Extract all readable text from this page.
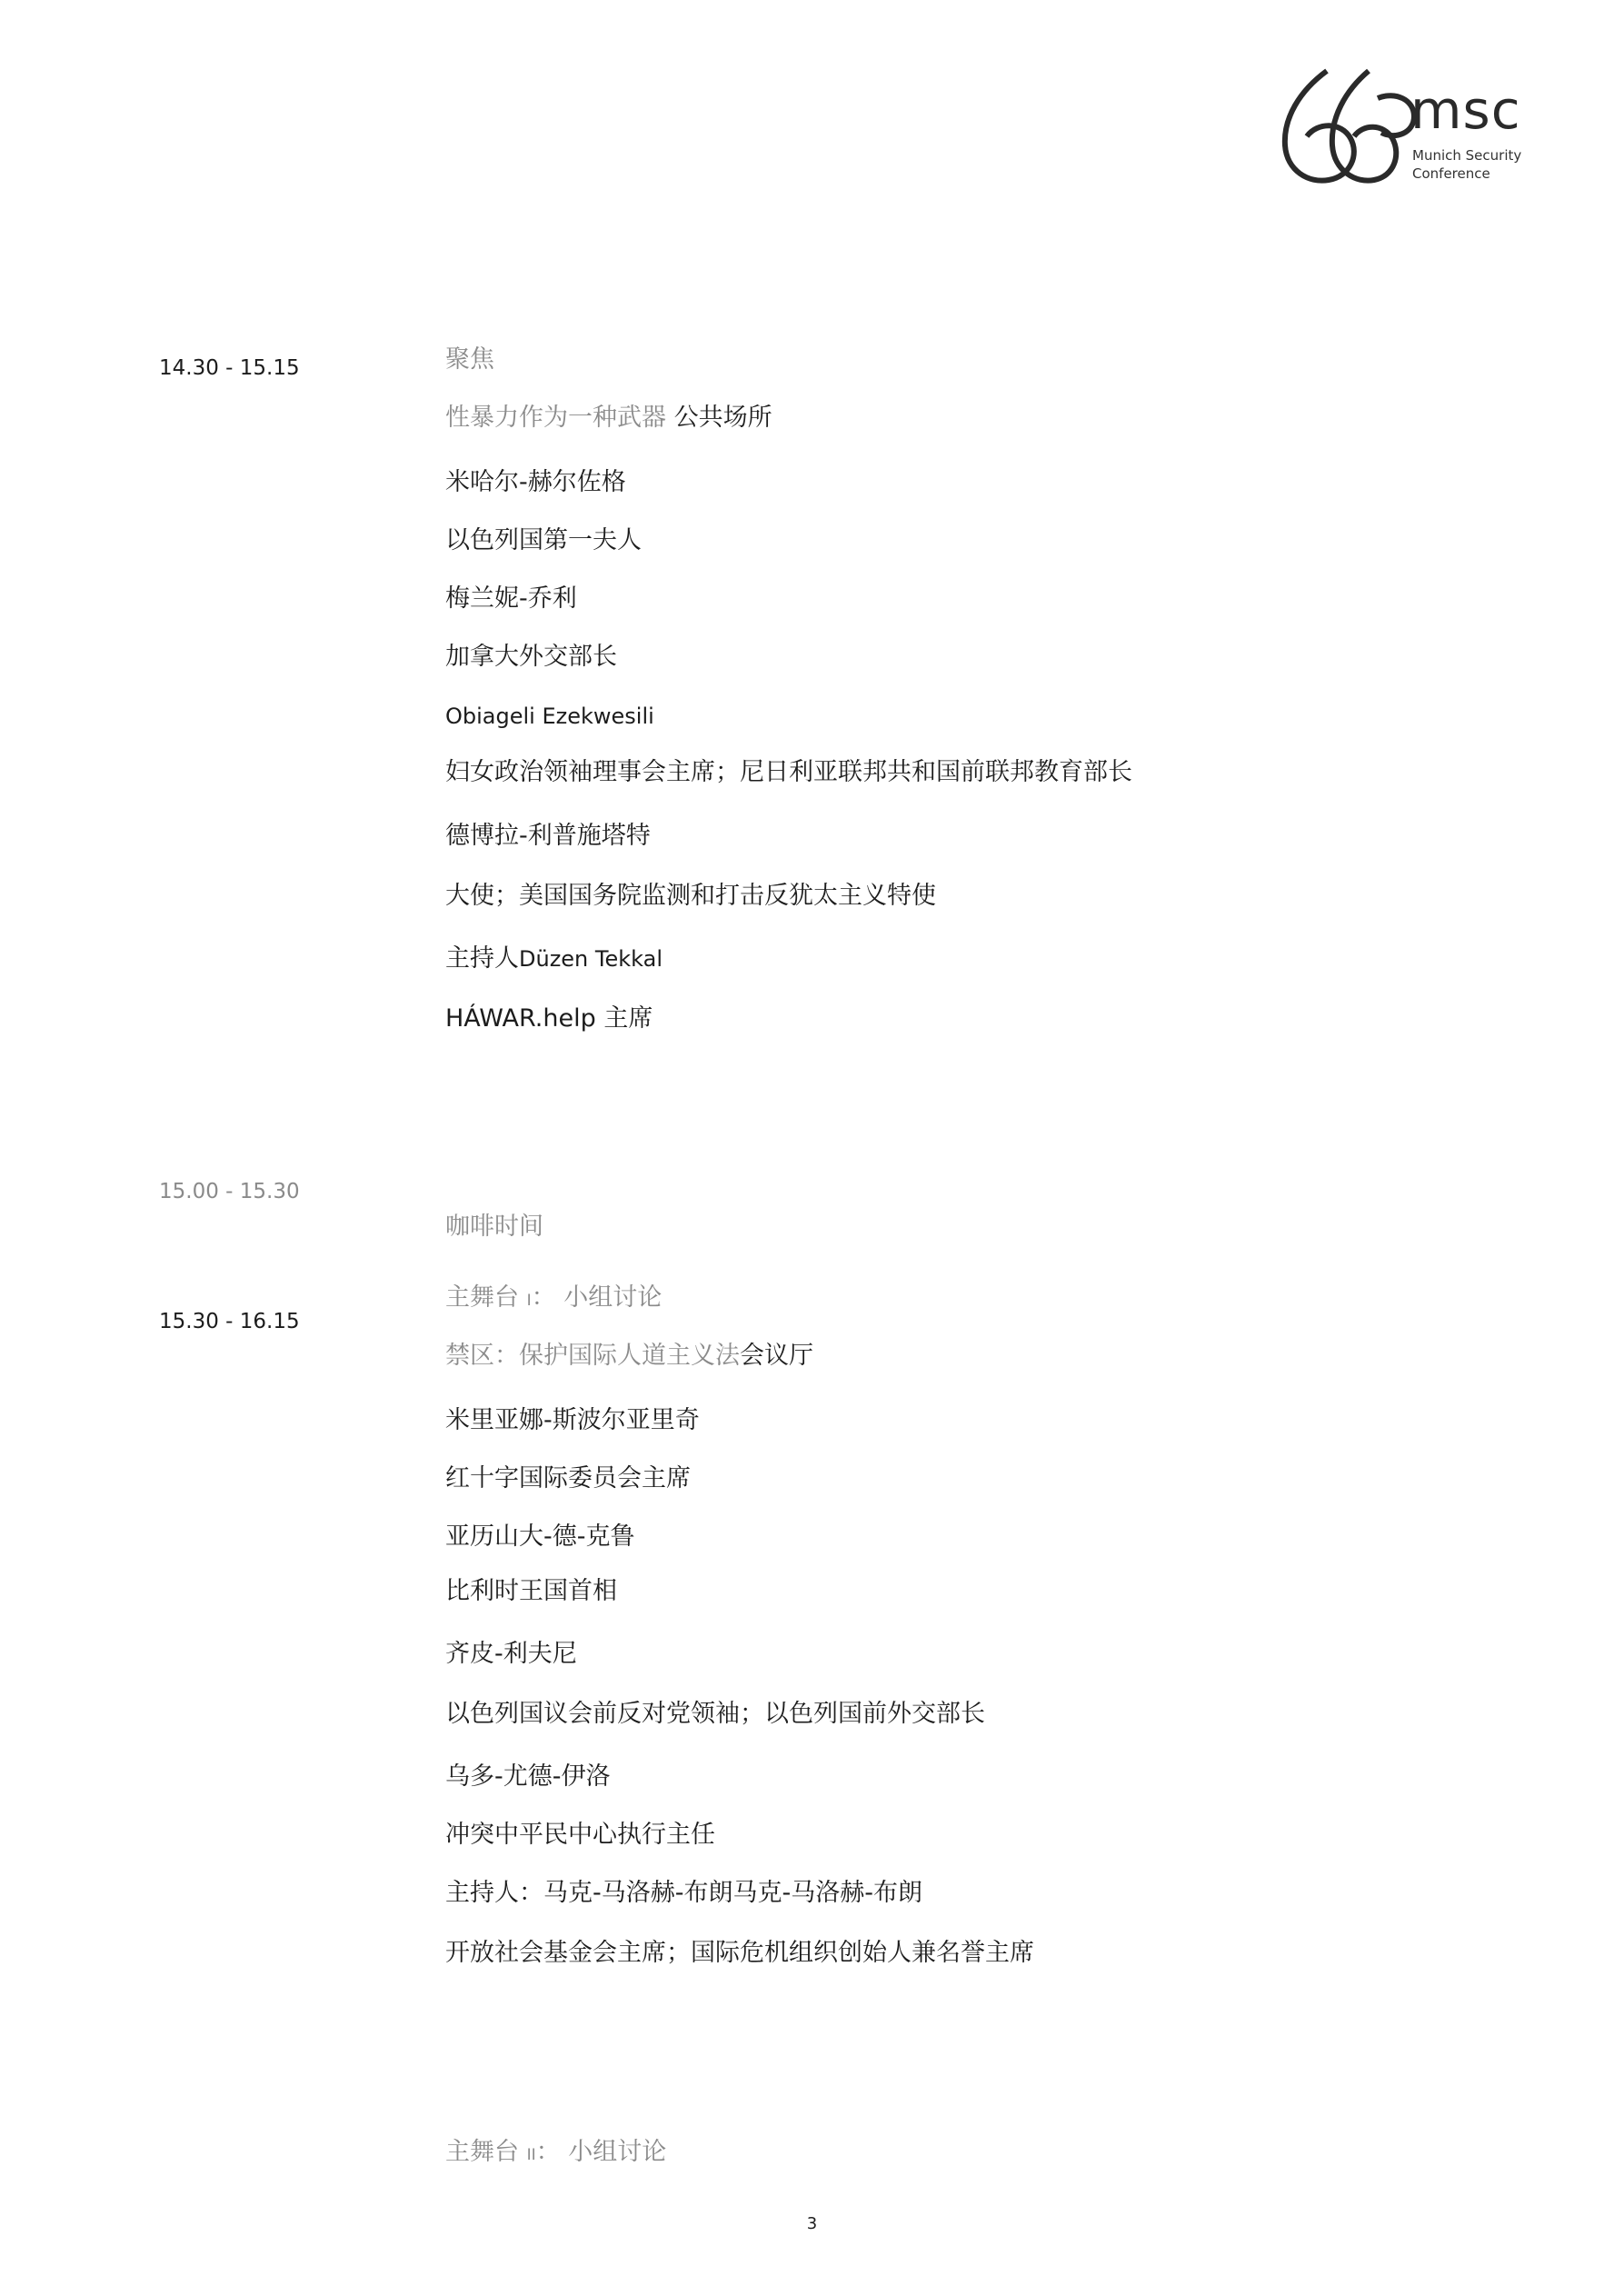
msc
Munich Security
Conference
14.30 - 15.15	聚焦
性暴力作为一种武器 公共场所
米哈尔-赫尔佐格
以色列国第一夫人
梅兰妮-乔利
加拿大外交部长
Obiageli Ezekwesili
妇女政治领袖理事会主席；尼日利亚联邦共和国前联邦教育部长
德博拉-利普施塔特
大使；美国国务院监测和打击反犹太主义特使
主持人Düzen Tekkal
HÁWAR.help 主席
15.00 - 15.30
咖啡时间
15.30 - 16.15
主舞台 I： 小组讨论
禁区：保护国际人道主义法会议厅
米里亚娜-斯波尔亚里奇
红十字国际委员会主席
亚历山大-德-克鲁
比利时王国首相
齐皮-利夫尼
以色列国议会前反对党领袖；以色列国前外交部长
乌多-尤德-伊洛
冲突中平民中心执行主任
主持人：马克-马洛赫-布朗马克-马洛赫-布朗
开放社会基金会主席；国际危机组织创始人兼名誉主席
主舞台 II： 小组讨论
3
